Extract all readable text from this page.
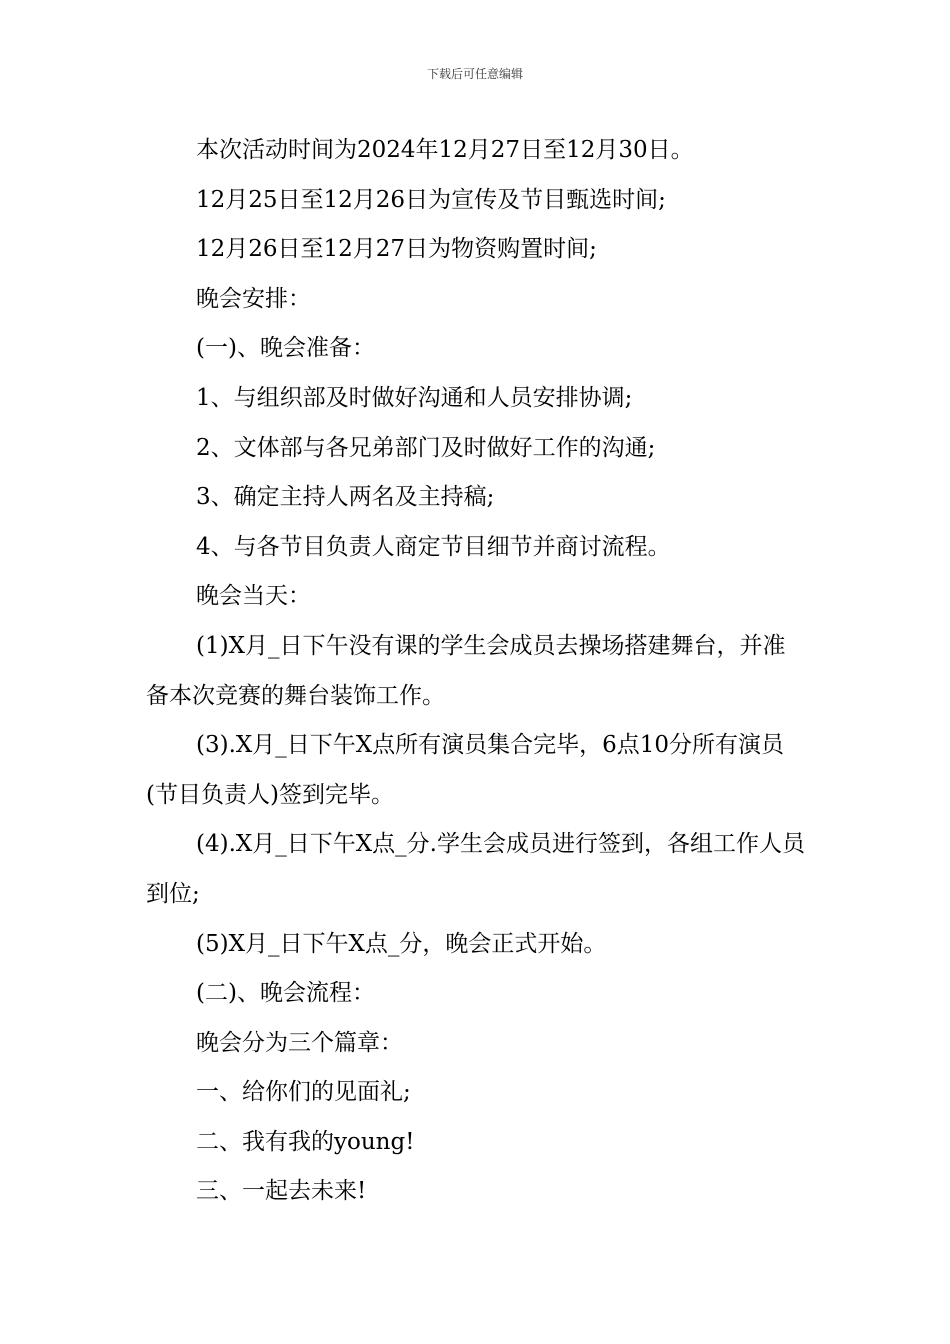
下载后可任意编辑

本次活动时间为2024年12月27日至12月30日。

12月25日至12月26日为宣传及节目甄选时间;

12月26日至12月27日为物资购置时间;

晚会安排：

(一)、晚会准备：

1、与组织部及时做好沟通和人员安排协调;

2、文体部与各兄弟部门及时做好工作的沟通;

3、确定主持人两名及主持稿;

4、与各节目负责人商定节目细节并商讨流程。

晚会当天：

(1)X月_日下午没有课的学生会成员去操场搭建舞台，并准备本次竞赛的舞台装饰工作。

(3).X月_日下午X点所有演员集合完毕，6点10分所有演员(节目负责人)签到完毕。

(4).X月_日下午X点_分.学生会成员进行签到，各组工作人员到位;

(5)X月_日下午X点_分，晚会正式开始。

(二)、晚会流程：

晚会分为三个篇章：

一、给你们的见面礼;

二、我有我的young!

三、一起去未来!
